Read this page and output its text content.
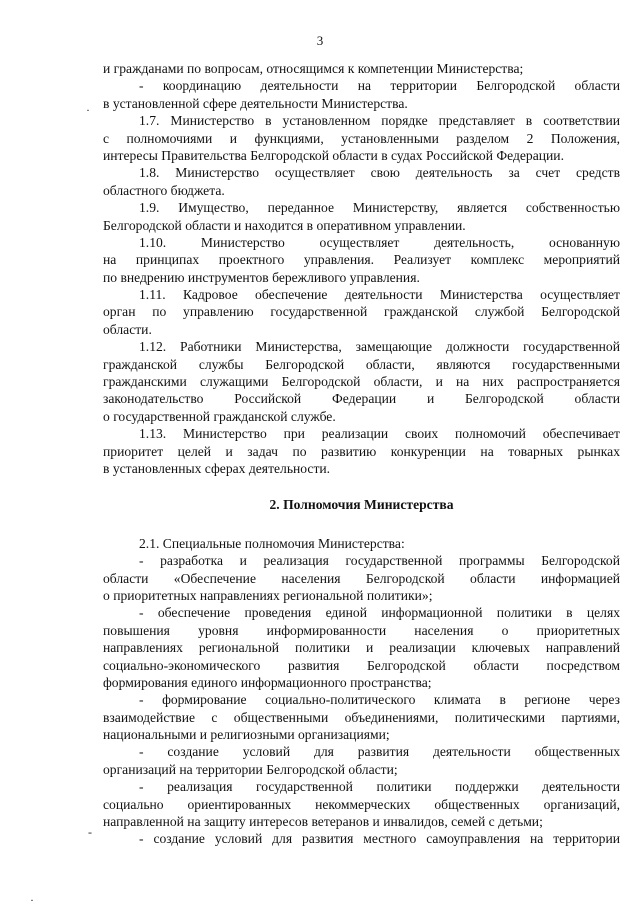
3
и гражданами по вопросам, относящимся к компетенции Министерства;
- координацию деятельности на территории Белгородской области
в установленной сфере деятельности Министерства.
1.7. Министерство в установленном порядке представляет в соответствии
с полномочиями и функциями, установленными разделом 2 Положения,
интересы Правительства Белгородской области в судах Российской Федерации.
1.8. Министерство осуществляет свою деятельность за счет средств
областного бюджета.
1.9. Имущество, переданное Министерству, является собственностью
Белгородской области и находится в оперативном управлении.
1.10. Министерство осуществляет деятельность, основанную
на принципах проектного управления. Реализует комплекс мероприятий
по внедрению инструментов бережливого управления.
1.11. Кадровое обеспечение деятельности Министерства осуществляет
орган по управлению государственной гражданской службой Белгородской
области.
1.12. Работники Министерства, замещающие должности государственной
гражданской службы Белгородской области, являются государственными
гражданскими служащими Белгородской области, и на них распространяется
законодательство Российской Федерации и Белгородской области
о государственной гражданской службе.
1.13. Министерство при реализации своих полномочий обеспечивает
приоритет целей и задач по развитию конкуренции на товарных рынках
в установленных сферах деятельности.
2. Полномочия Министерства
2.1. Специальные полномочия Министерства:
- разработка и реализация государственной программы Белгородской
области «Обеспечение населения Белгородской области информацией
о приоритетных направлениях региональной политики»;
- обеспечение проведения единой информационной политики в целях
повышения уровня информированности населения о приоритетных
направлениях региональной политики и реализации ключевых направлений
социально-экономического развития Белгородской области посредством
формирования единого информационного пространства;
- формирование социально-политического климата в регионе через
взаимодействие с общественными объединениями, политическими партиями,
национальными и религиозными организациями;
- создание условий для развития деятельности общественных
организаций на территории Белгородской области;
- реализация государственной политики поддержки деятельности
социально ориентированных некоммерческих общественных организаций,
направленной на защиту интересов ветеранов и инвалидов, семей с детьми;
- создание условий для развития местного самоуправления на территории
·
-
·
